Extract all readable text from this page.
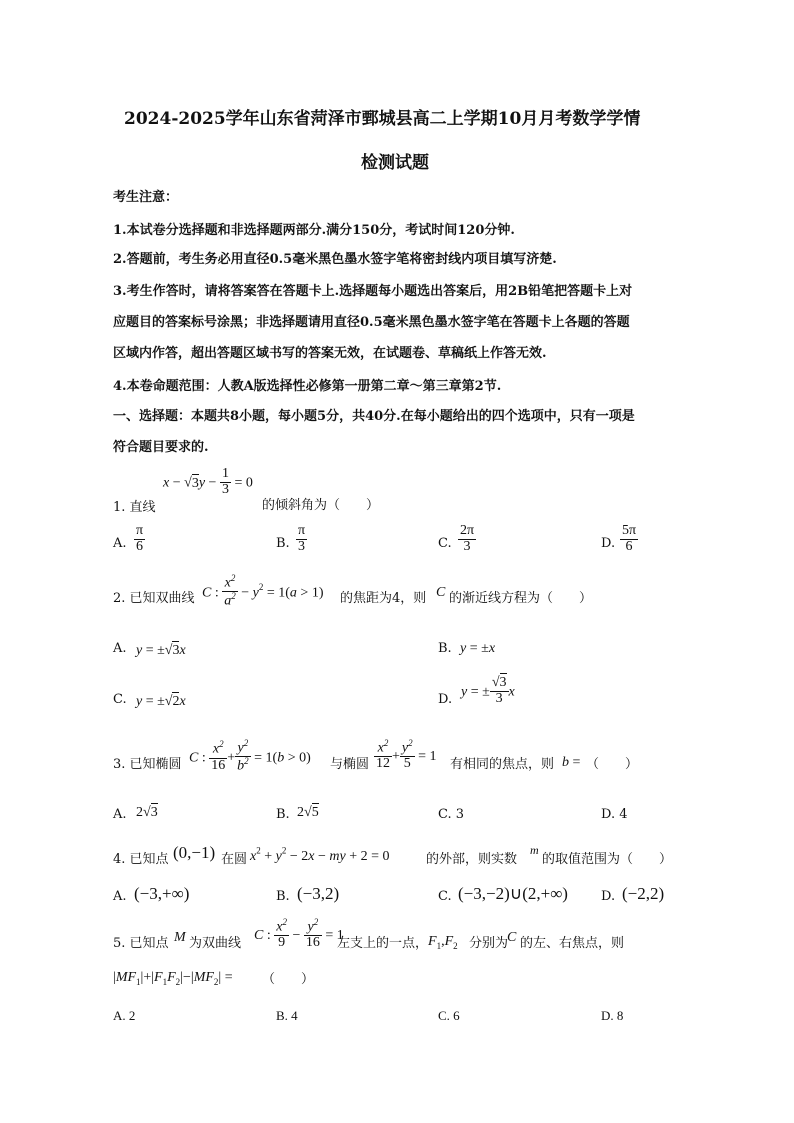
2024-2025学年山东省菏泽市鄄城县高二上学期10月月考数学学情
检测试题
考生注意：
1.本试卷分选择题和非选择题两部分.满分150分，考试时间120分钟.
2.答题前，考生务必用直径0.5毫米黑色墨水签字笔将密封线内项目填写济楚.
3.考生作答时，请将答案答在答题卡上.选择题每小题选出答案后，用2B铅笔把答题卡上对
应题目的答案标号涂黑；非选择题请用直径0.5毫米黑色墨水签字笔在答题卡上各题的答题
区域内作答，超出答题区域书写的答案无效，在试题卷、草稿纸上作答无效.
4.本卷命题范围：人教A版选择性必修第一册第二章～第三章第2节.
一、选择题：本题共8小题，每小题5分，共40分.在每小题给出的四个选项中，只有一项是
符合题目要求的.
1. 直线
$x - √3y - \frac{1}{3} = 0$
的倾斜角为（　　）
A. $\frac{\pi}{6}$	B. $\frac{\pi}{3}$	C. $\frac{2\pi}{3}$	D. $\frac{5\pi}{6}$
2. 已知双曲线 C : $\frac{x^2}{a^2} - y^2 = 1(a > 1)$ 的焦距为4，则 C 的渐近线方程为（　　）
A. y = ±√3x	B. y = ±x
C. y = ±√2x	D. y = ± $\frac{√3}{3}$ x
3. 已知椭圆 C : $\frac{x^2}{16} + \frac{y^2}{b^2} = 1(b > 0)$ 与椭圆 $\frac{x^2}{12} + \frac{y^2}{5} = 1$
有相同的焦点，则 b = （　　）
A. 2√3	B. 2√5	C. 3	D. 4
4. 已知点 (0,−1) 在圆 $x^2 + y^2 - 2x$ − my + 2 = 0	的外部，则实数
m
的取值范围为（　　）
A. (−3,+∞)	B. (−3,2)	C. (−3,−2)∪(2,+∞)	D. (−2,2)
5. 已知点 M 为双曲线
C : $\frac{x^2}{9} - \frac{y^2}{16} = 1$
左支上的一点， $F_1,F_2$ 分别为
C 的左、右焦点，则
$|MF_1|+|F_1F_2|-|MF_2|$ = （　　）
A. 2	B. 4	C. 6	D. 8
